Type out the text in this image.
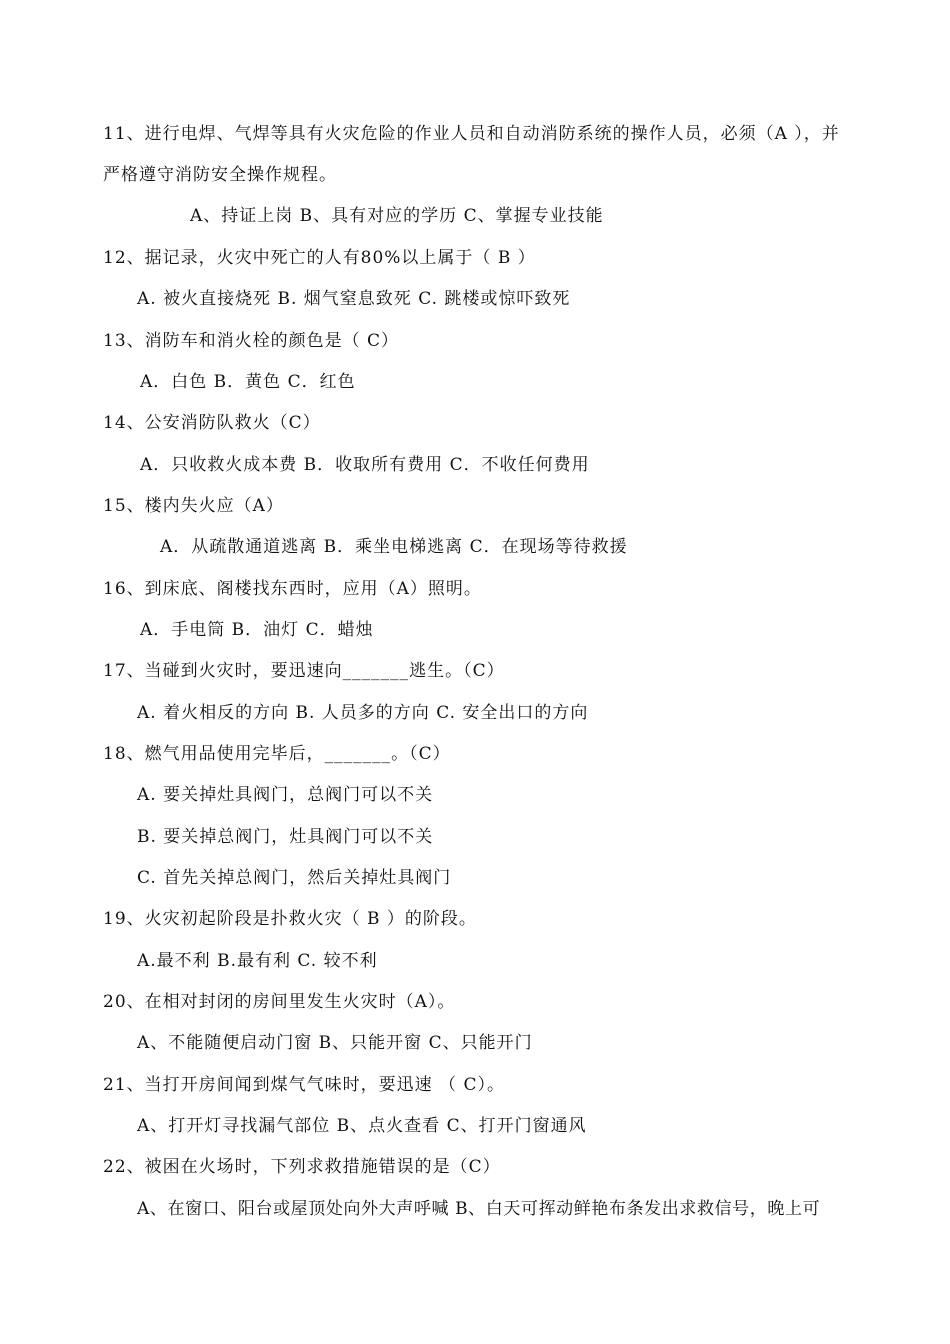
11、进行电焊、气焊等具有火灾危险的作业人员和自动消防系统的操作人员，必须（A ），并
严格遵守消防安全操作规程。
A、持证上岗 B、具有对应的学历 C、掌握专业技能
12、据记录，火灾中死亡的人有80%以上属于（ B ）
A. 被火直接烧死 B. 烟气窒息致死 C. 跳楼或惊吓致死
13、消防车和消火栓的颜色是（ C）
A．白色 B．黄色 C．红色
14、公安消防队救火（C）
A．只收救火成本费 B．收取所有费用 C．不收任何费用
15、楼内失火应（A）
A．从疏散通道逃离 B．乘坐电梯逃离 C．在现场等待救援
16、到床底、阁楼找东西时，应用（A）照明。
A．手电筒 B．油灯 C．蜡烛
17、当碰到火灾时，要迅速向_______逃生。（C）
A. 着火相反的方向 B. 人员多的方向 C. 安全出口的方向
18、燃气用品使用完毕后，_______。（C）
A. 要关掉灶具阀门，总阀门可以不关
B. 要关掉总阀门，灶具阀门可以不关
C. 首先关掉总阀门，然后关掉灶具阀门
19、火灾初起阶段是扑救火灾（ B ）的阶段。
A.最不利 B.最有利 C. 较不利
20、在相对封闭的房间里发生火灾时（A）。
A、不能随便启动门窗 B、只能开窗 C、只能开门
21、当打开房间闻到煤气气味时，要迅速 （ C）。
A、打开灯寻找漏气部位 B、点火查看 C、打开门窗通风
22、被困在火场时，下列求救措施错误的是（C）
A、在窗口、阳台或屋顶处向外大声呼喊 B、白天可挥动鲜艳布条发出求救信号，晚上可
